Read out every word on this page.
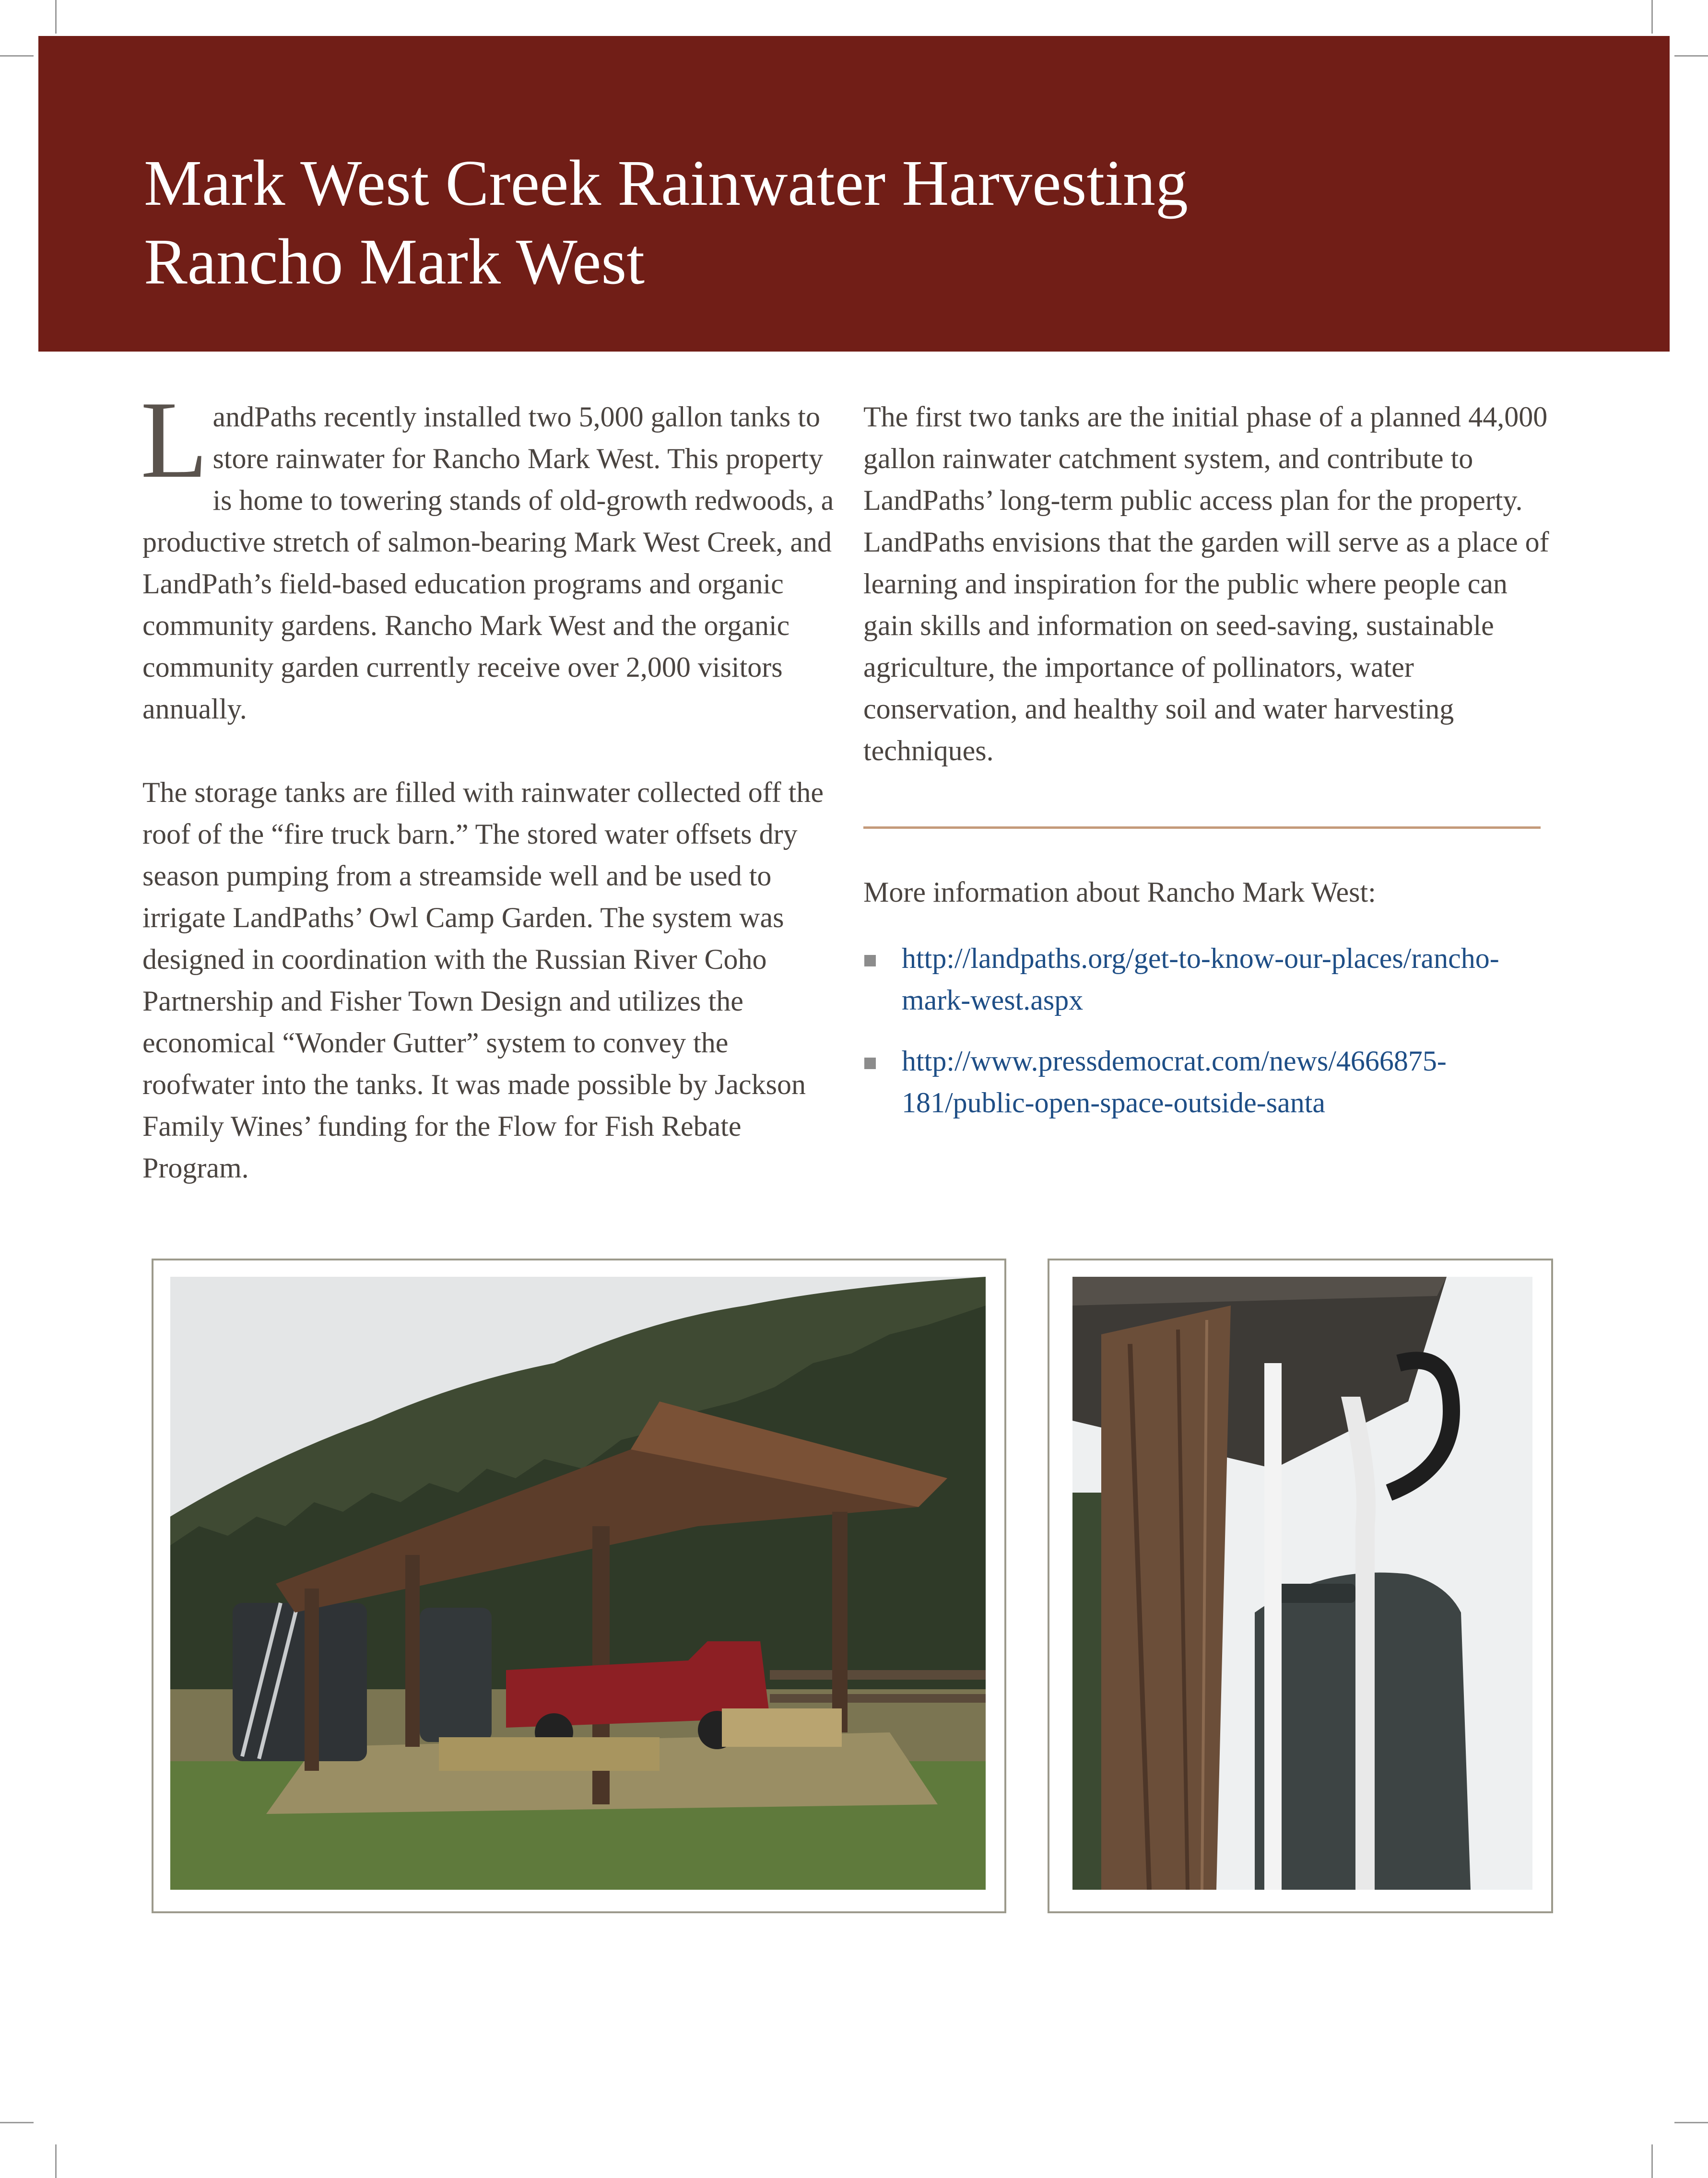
Mark West Creek Rainwater Harvesting
Rancho Mark West

LandPaths recently installed two 5,000 gallon tanks to store rainwater for Rancho Mark West. This property is home to towering stands of old-growth redwoods, a productive stretch of salmon-bearing Mark West Creek, and LandPath’s field-based education programs and organic community gardens. Rancho Mark West and the organic community garden currently receive over 2,000 visitors annually.

The storage tanks are filled with rainwater collected off the roof of the “fire truck barn.” The stored water offsets dry season pumping from a streamside well and be used to irrigate LandPaths’ Owl Camp Garden. The system was designed in coordination with the Russian River Coho Partnership and Fisher Town Design and utilizes the economical “Wonder Gutter” system to convey the roofwater into the tanks. It was made possible by Jackson Family Wines’ funding for the Flow for Fish Rebate Program.

The first two tanks are the initial phase of a planned 44,000 gallon rainwater catchment system, and contribute to LandPaths’ long-term public access plan for the property. LandPaths envisions that the garden will serve as a place of learning and inspiration for the public where people can gain skills and information on seed-saving, sustainable agriculture, the importance of pollinators, water conservation, and healthy soil and water harvesting techniques.

More information about Rancho Mark West:
http://landpaths.org/get-to-know-our-places/rancho-mark-west.aspx
http://www.pressdemocrat.com/news/4666875-181/public-open-space-outside-santa
